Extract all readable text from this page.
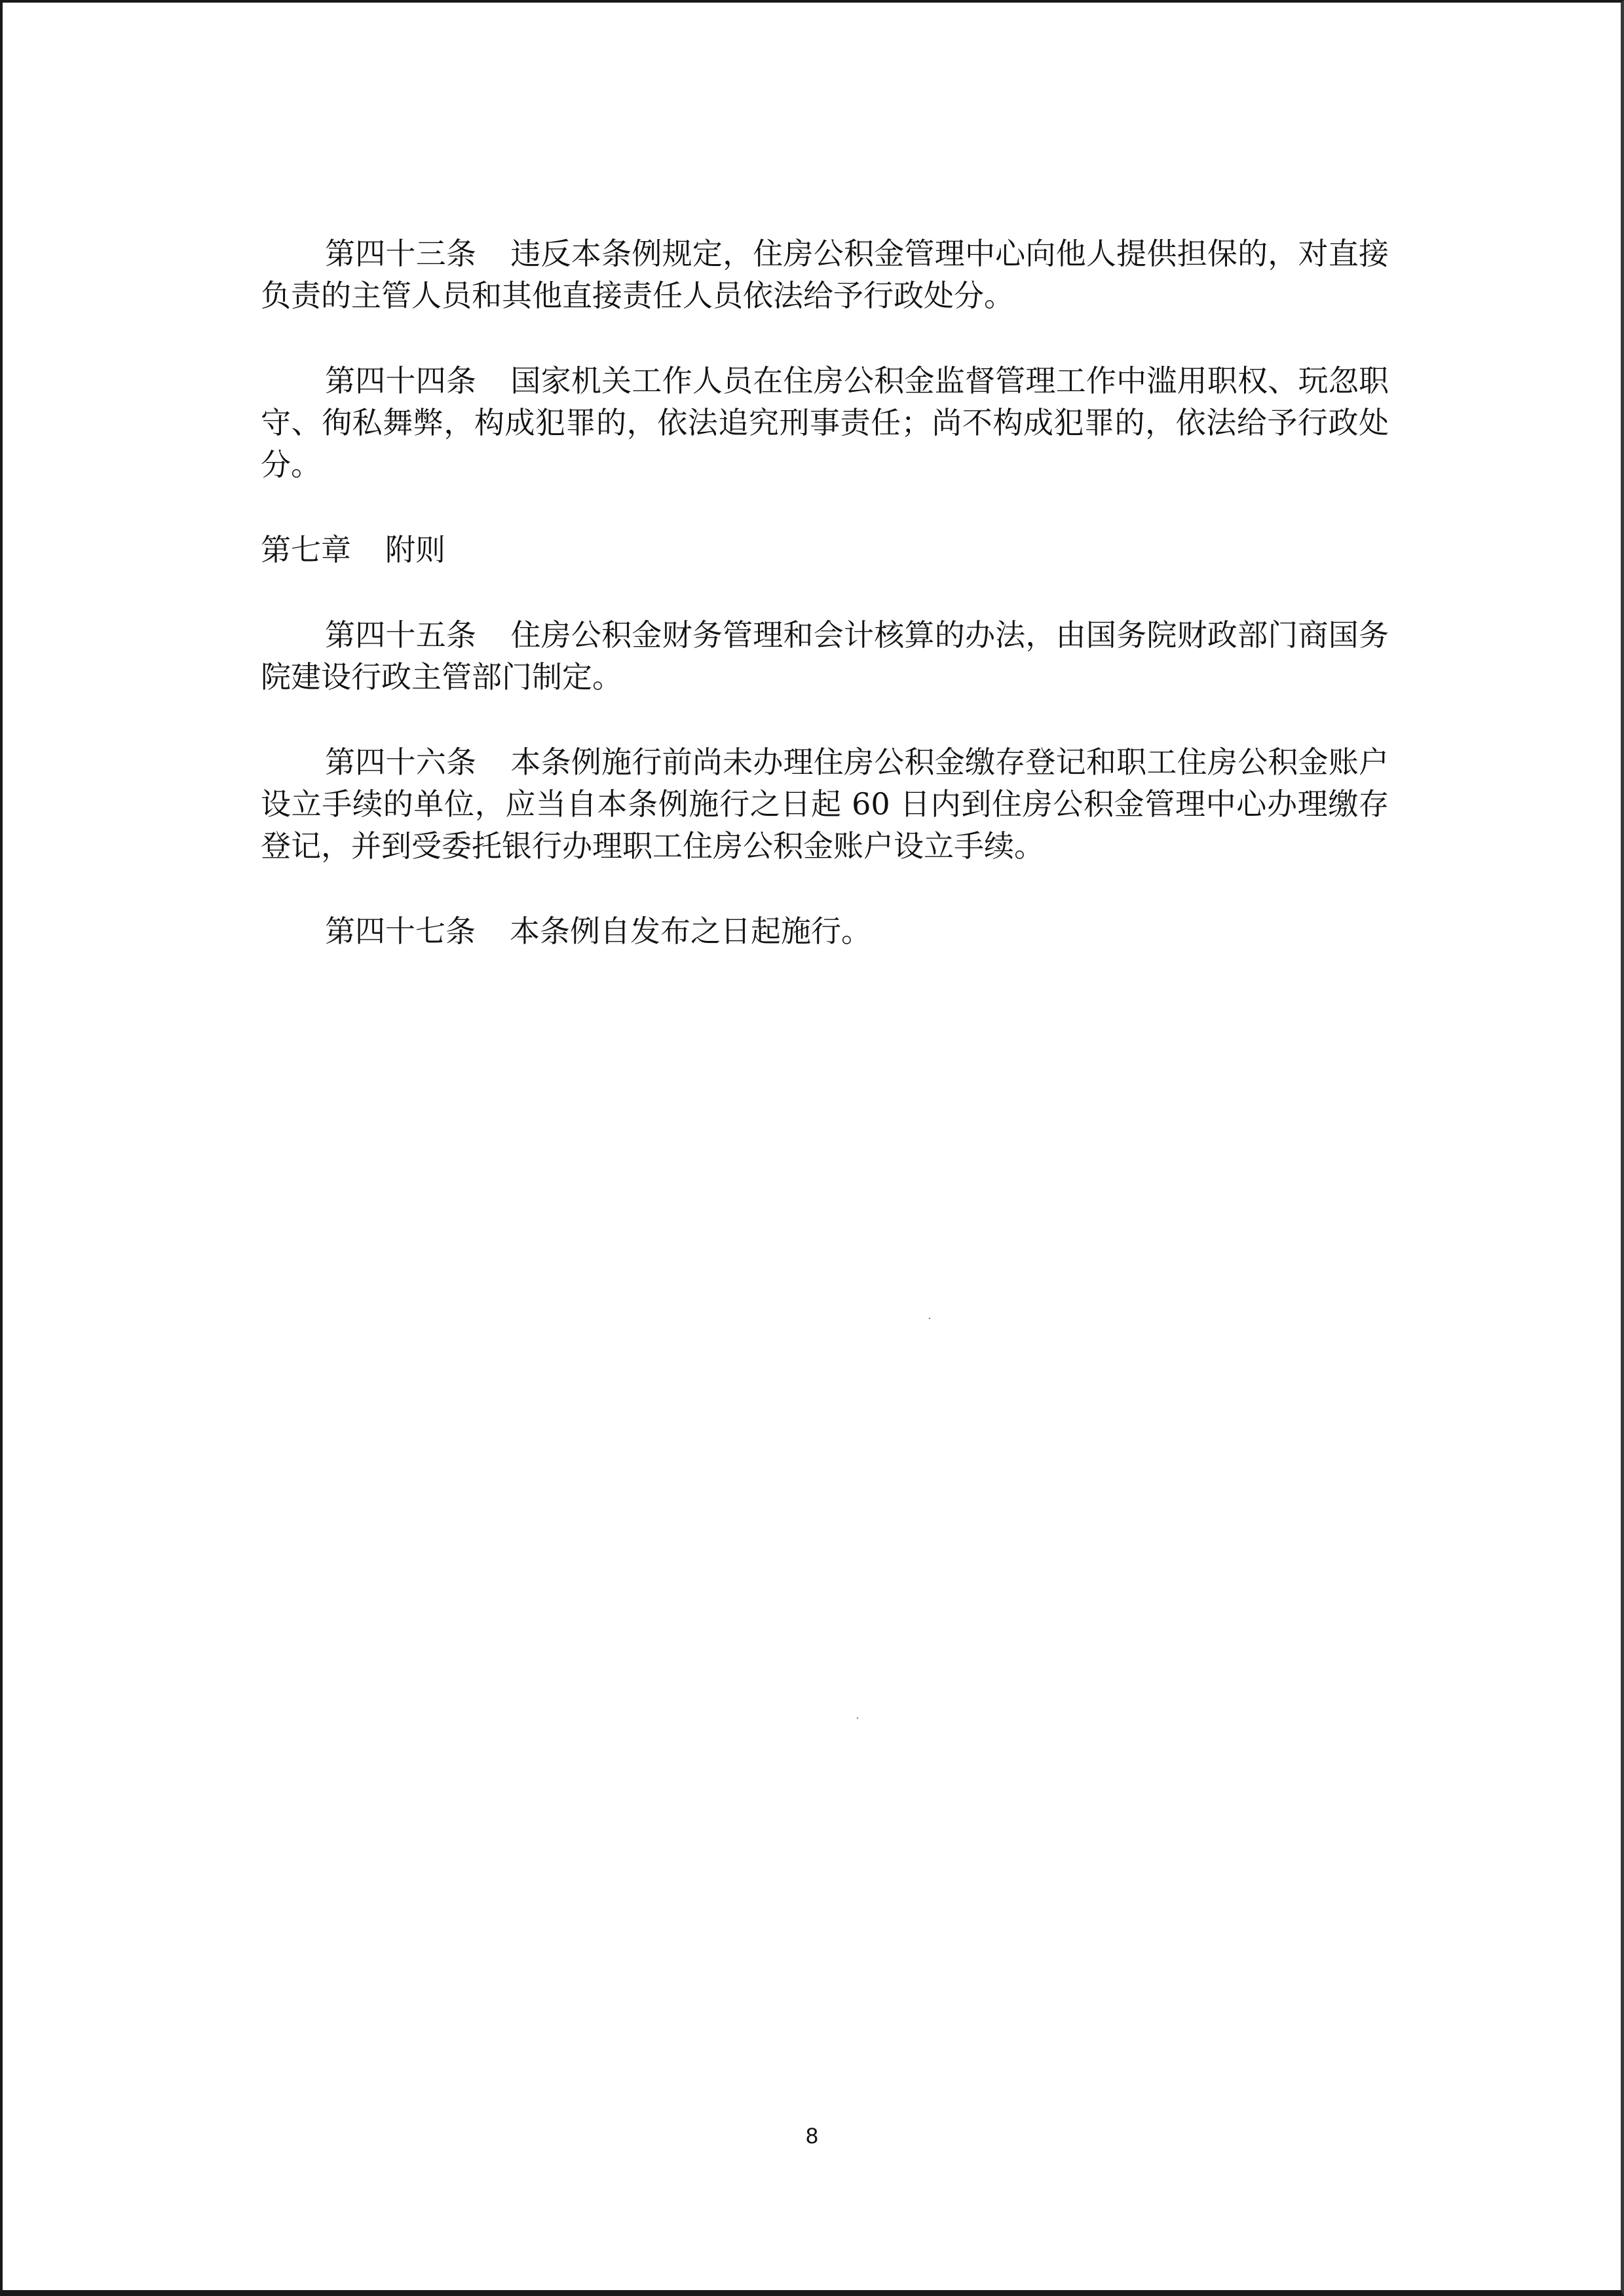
第四十三条 违反本条例规定，住房公积金管理中心向他人提供担保的，对直接负责的主管人员和其他直接责任人员依法给予行政处分。

第四十四条 国家机关工作人员在住房公积金监督管理工作中滥用职权、玩忽职守、徇私舞弊，构成犯罪的，依法追究刑事责任；尚不构成犯罪的，依法给予行政处分。

第七章 附则

第四十五条 住房公积金财务管理和会计核算的办法，由国务院财政部门商国务院建设行政主管部门制定。

第四十六条 本条例施行前尚未办理住房公积金缴存登记和职工住房公积金账户设立手续的单位，应当自本条例施行之日起 60 日内到住房公积金管理中心办理缴存登记，并到受委托银行办理职工住房公积金账户设立手续。

第四十七条 本条例自发布之日起施行。

8
